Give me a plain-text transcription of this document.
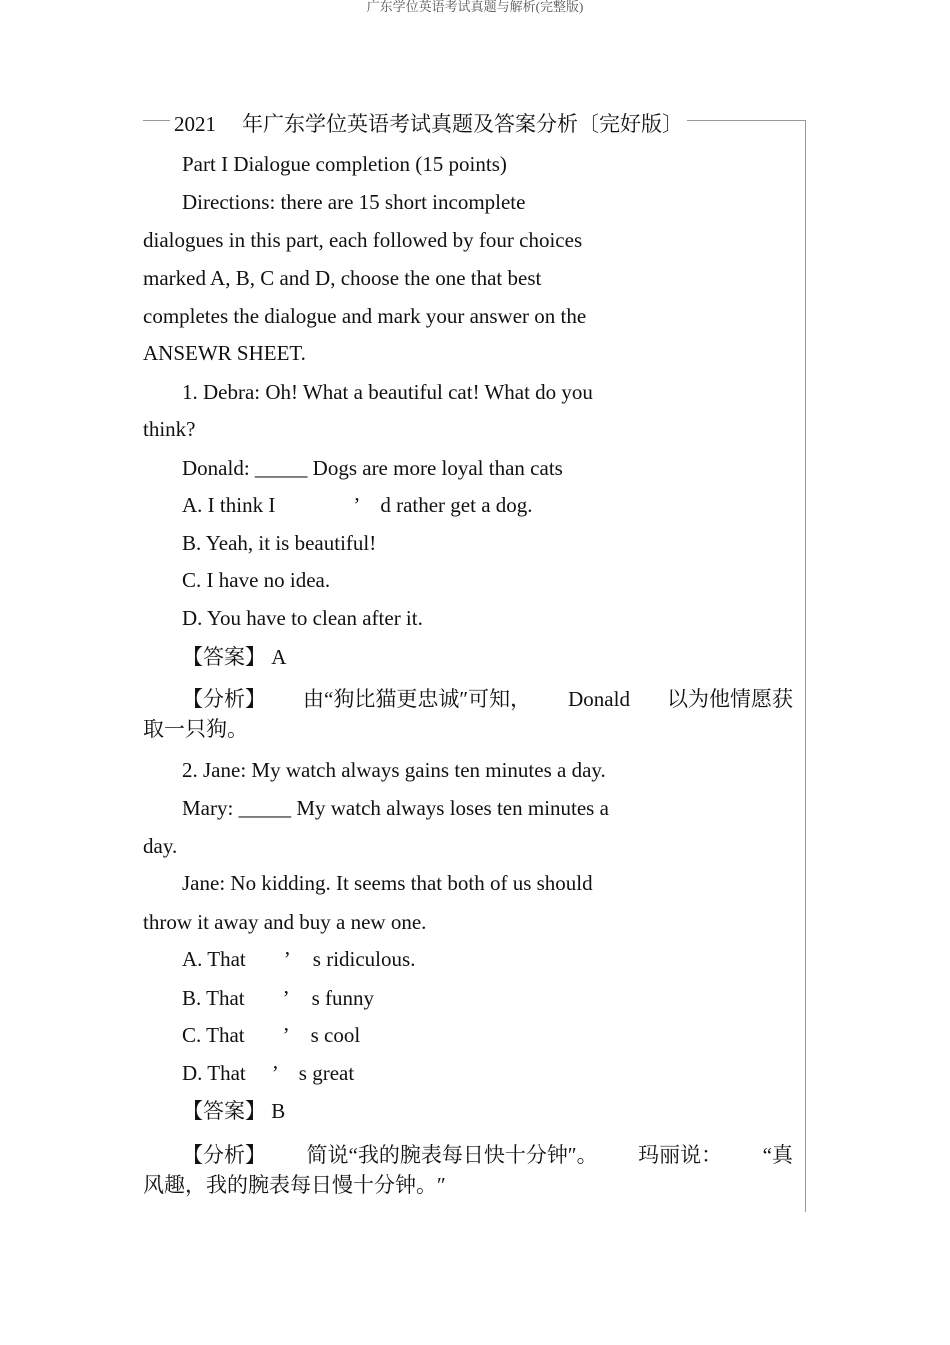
广东学位英语考试真题与解析(完整版)
2021 年广东学位英语考试真题及答案分析〔完好版〕
Part I Dialogue completion (15 points)
Directions: there are 15 short incomplete
dialogues in this part, each followed by four choices
marked A, B, C and D, choose the one that best
completes the dialogue and mark your answer on the
ANSEWR SHEET.
1. Debra: Oh! What a beautiful cat! What do you
think?
Donald: _____ Dogs are more loyal than cats
A. I think I	’ d rather get a dog.
B. Yeah, it is beautiful!
C. I have no idea.
D. You have to clean after it.
【答案】 A
【分析】 由“狗比猫更忠诚″可知， Donald 以为他情愿获
取一只狗。
2. Jane: My watch always gains ten minutes a day.
Mary: _____ My watch always loses ten minutes a
day.
Jane: No kidding. It seems that both of us should
throw it away and buy a new one.
A. That ’ s ridiculous.
B. That ’ s funny
C. That ’ s cool
D. That ’ s great
【答案】 B
【分析】 简说“我的腕表每日快十分钟″。 玛丽说： “真
风趣，我的腕表每日慢十分钟。″
